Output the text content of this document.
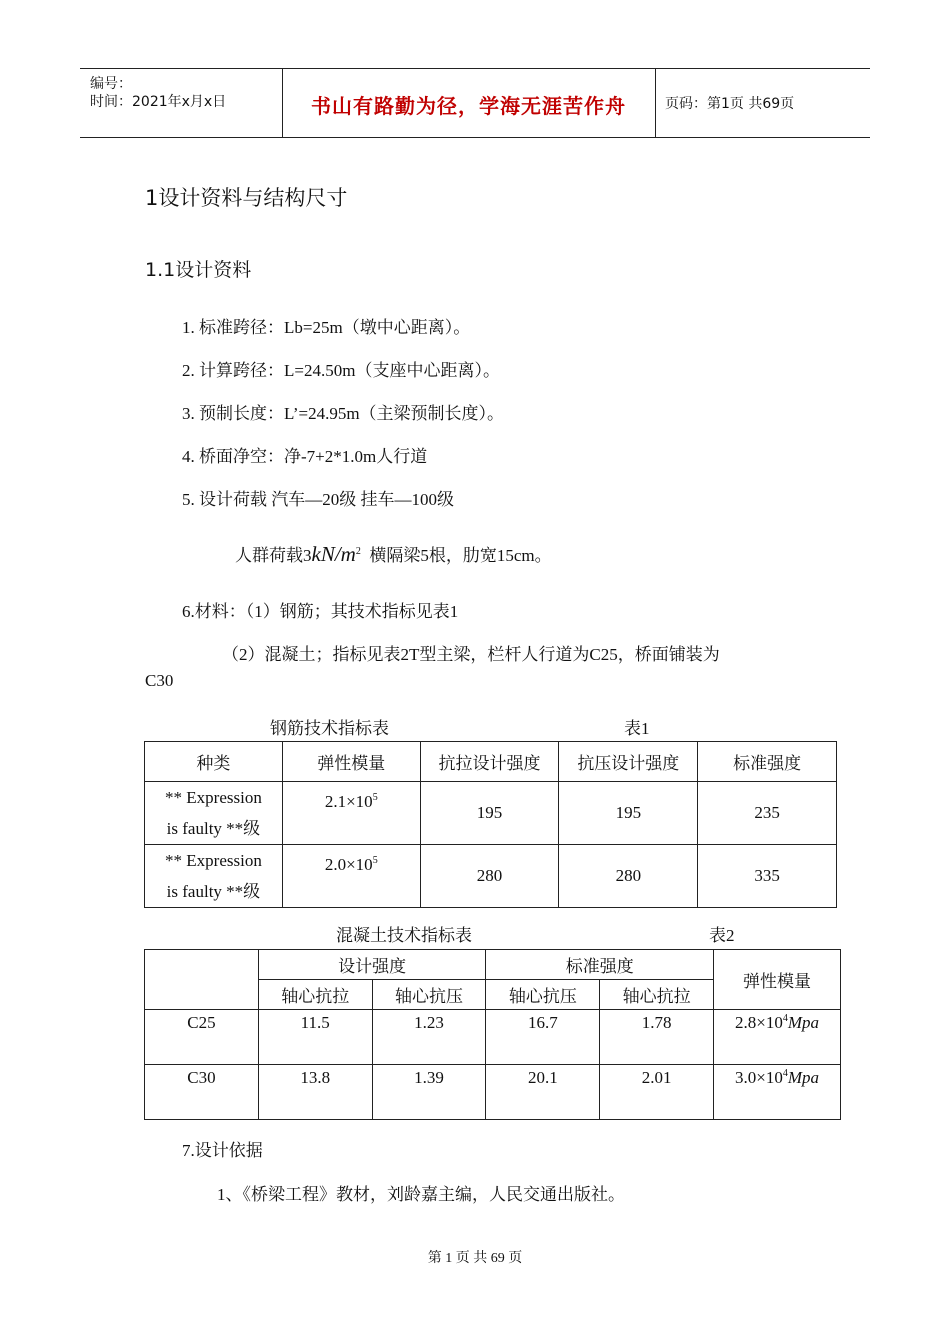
编号：
时间：2021年x月x日	书山有路勤为径，学海无涯苦作舟	页码：第1页 共69页
1设计资料与结构尺寸
1.1设计资料
1. 标准跨径：Lb=25m（墩中心距离）。
2. 计算跨径：L=24.50m（支座中心距离）。
3. 预制长度：L’=24.95m（主梁预制长度）。
4. 桥面净空：净-7+2*1.0m人行道
5. 设计荷载 汽车—20级 挂车—100级
人群荷载$3kN/m^2$ 横隔梁5根，肋宽15cm。
6.材料：（1）钢筋；其技术指标见表1
（2）混凝土；指标见表2T型主梁，栏杆人行道为C25，桥面铺装为
C30
钢筋技术指标表	表1
种类	弹性模量	抗拉设计强度	抗压设计强度	标准强度

** Expression
is faulty **级	$2.1\times 10^5$	195	195	235

** Expression
is faulty **级	$2.0\times 10^5$	280	280	335
混凝土技术指标表	表2
	设计强度		标准强度		弹性模量
	轴心抗拉	轴心抗压	轴心抗压	轴心抗拉	
C25	11.5	1.23	16.7	1.78	$2.8\times 10^4Mpa$
C30	13.8	1.39	20.1	2.01	$3.0\times 10^4Mpa$
7.设计依据
1、《桥梁工程》教材，刘龄嘉主编，人民交通出版社。
第 1 页 共 69 页
